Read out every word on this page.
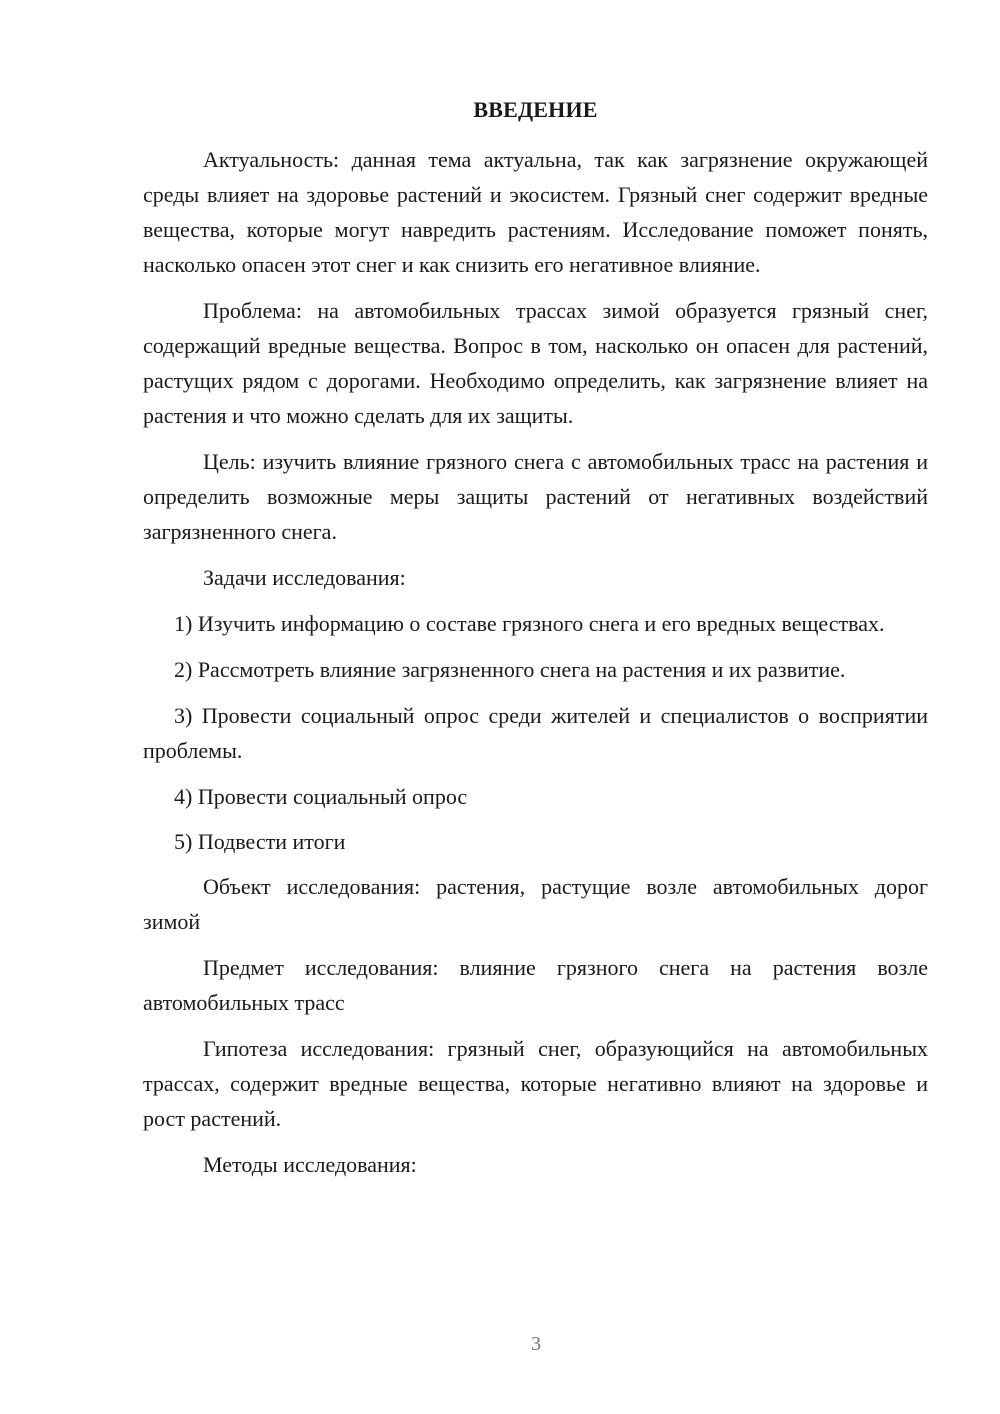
ВВЕДЕНИЕ

Актуальность: данная тема актуальна, так как загрязнение окружающей среды влияет на здоровье растений и экосистем. Грязный снег содержит вредные вещества, которые могут навредить растениям. Исследование поможет понять, насколько опасен этот снег и как снизить его негативное влияние.

Проблема: на автомобильных трассах зимой образуется грязный снег, содержащий вредные вещества. Вопрос в том, насколько он опасен для растений, растущих рядом с дорогами. Необходимо определить, как загрязнение влияет на растения и что можно сделать для их защиты.

Цель: изучить влияние грязного снега с автомобильных трасс на растения и определить возможные меры защиты растений от негативных воздействий загрязненного снега.

Задачи исследования:

1) Изучить информацию о составе грязного снега и его вредных веществах.

2) Рассмотреть влияние загрязненного снега на растения и их развитие.

3) Провести социальный опрос среди жителей и специалистов о восприятии проблемы.

4) Провести социальный опрос

5) Подвести итоги

Объект исследования: растения, растущие возле автомобильных дорог зимой

Предмет исследования: влияние грязного снега на растения возле автомобильных трасс

Гипотеза исследования: грязный снег, образующийся на автомобильных трассах, содержит вредные вещества, которые негативно влияют на здоровье и рост растений.

Методы исследования:

3
